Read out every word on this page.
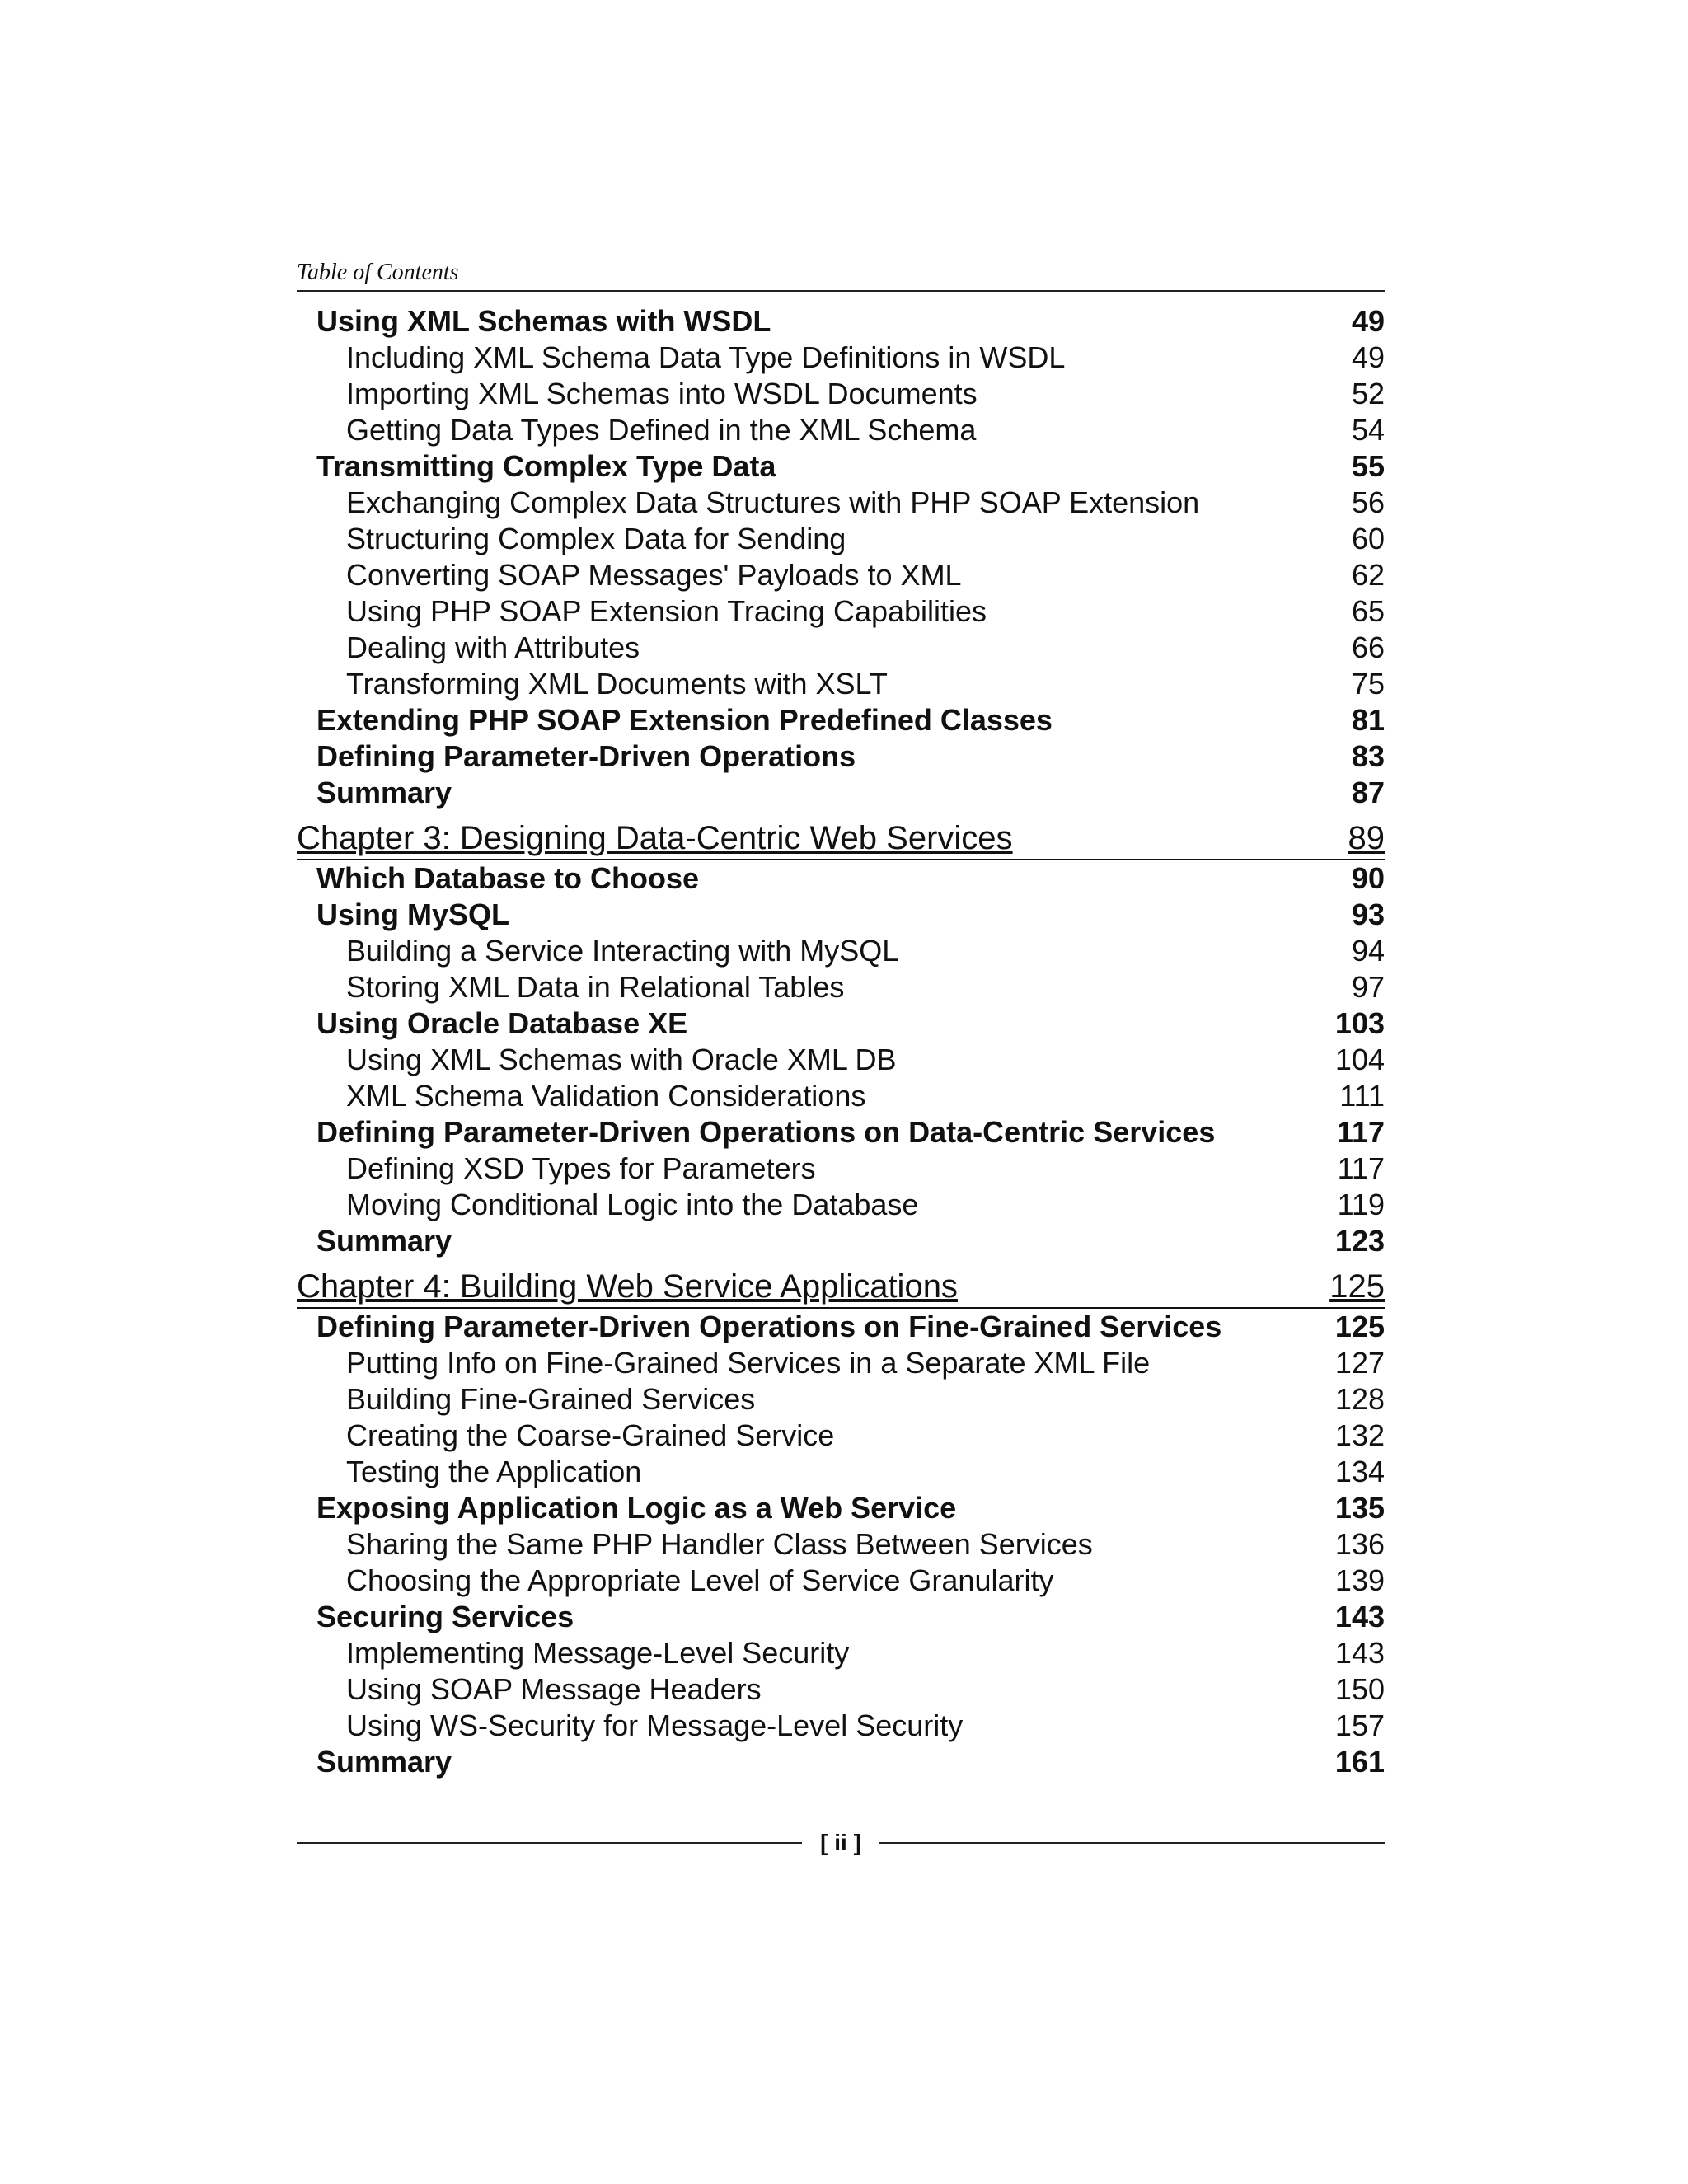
Table of Contents
Using XML Schemas with WSDL	49
Including XML Schema Data Type Definitions in WSDL	49
Importing XML Schemas into WSDL Documents	52
Getting Data Types Defined in the XML Schema	54
Transmitting Complex Type Data	55
Exchanging Complex Data Structures with PHP SOAP Extension	56
Structuring Complex Data for Sending	60
Converting SOAP Messages' Payloads to XML	62
Using PHP SOAP Extension Tracing Capabilities	65
Dealing with Attributes	66
Transforming XML Documents with XSLT	75
Extending PHP SOAP Extension Predefined Classes	81
Defining Parameter-Driven Operations	83
Summary	87
Chapter 3: Designing Data-Centric Web Services	89
Which Database to Choose	90
Using MySQL	93
Building a Service Interacting with MySQL	94
Storing XML Data in Relational Tables	97
Using Oracle Database XE	103
Using XML Schemas with Oracle XML DB	104
XML Schema Validation Considerations	111
Defining Parameter-Driven Operations on Data-Centric Services	117
Defining XSD Types for Parameters	117
Moving Conditional Logic into the Database	119
Summary	123
Chapter 4: Building Web Service Applications	125
Defining Parameter-Driven Operations on Fine-Grained Services	125
Putting Info on Fine-Grained Services in a Separate XML File	127
Building Fine-Grained Services	128
Creating the Coarse-Grained Service	132
Testing the Application	134
Exposing Application Logic as a Web Service	135
Sharing the Same PHP Handler Class Between Services	136
Choosing the Appropriate Level of Service Granularity	139
Securing Services	143
Implementing Message-Level Security	143
Using SOAP Message Headers	150
Using WS-Security for Message-Level Security	157
Summary	161
[ ii ]
